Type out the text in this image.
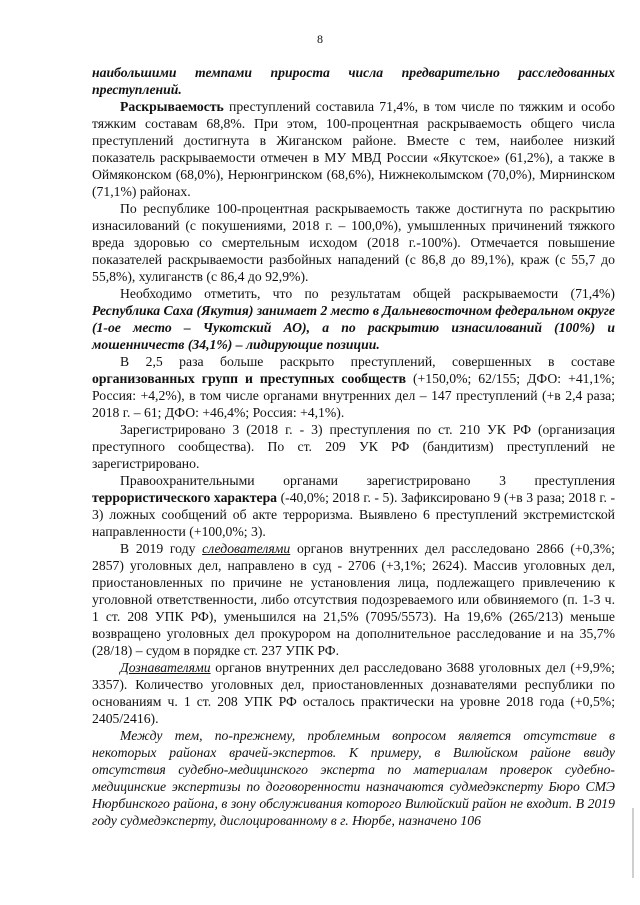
8

наибольшими темпами прироста числа предварительно расследованных преступлений.

Раскрываемость преступлений составила 71,4%, в том числе по тяжким и особо тяжким составам 68,8%. При этом, 100-процентная раскрываемость общего числа преступлений достигнута в Жиганском районе. Вместе с тем, наиболее низкий показатель раскрываемости отмечен в МУ МВД России «Якутское» (61,2%), а также в Оймяконском (68,0%), Нерюнгринском (68,6%), Нижнеколымском (70,0%), Мирнинском (71,1%) районах.

По республике 100-процентная раскрываемость также достигнута по раскрытию изнасилований (с покушениями, 2018 г. – 100,0%), умышленных причинений тяжкого вреда здоровью со смертельным исходом (2018 г.-100%). Отмечается повышение показателей раскрываемости разбойных нападений (с 86,8 до 89,1%), краж (с 55,7 до 55,8%), хулиганств (с 86,4 до 92,9%).

Необходимо отметить, что по результатам общей раскрываемости (71,4%) Республика Саха (Якутия) занимает 2 место в Дальневосточном федеральном округе (1-ое место – Чукотский АО), а по раскрытию изнасилований (100%) и мошенничеств (34,1%) – лидирующие позиции.

В 2,5 раза больше раскрыто преступлений, совершенных в составе организованных групп и преступных сообществ (+150,0%; 62/155; ДФО: +41,1%; Россия: +4,2%), в том числе органами внутренних дел – 147 преступлений (+в 2,4 раза; 2018 г. – 61; ДФО: +46,4%; Россия: +4,1%).

Зарегистрировано 3 (2018 г. - 3) преступления по ст. 210 УК РФ (организация преступного сообщества). По ст. 209 УК РФ (бандитизм) преступлений не зарегистрировано.

Правоохранительными органами зарегистрировано 3 преступления террористического характера (-40,0%; 2018 г. - 5). Зафиксировано 9 (+в 3 раза; 2018 г. - 3) ложных сообщений об акте терроризма. Выявлено 6 преступлений экстремистской направленности (+100,0%; 3).

В 2019 году следователями органов внутренних дел расследовано 2866 (+0,3%; 2857) уголовных дел, направлено в суд - 2706 (+3,1%; 2624). Массив уголовных дел, приостановленных по причине не установления лица, подлежащего привлечению к уголовной ответственности, либо отсутствия подозреваемого или обвиняемого (п. 1-3 ч. 1 ст. 208 УПК РФ), уменьшился на 21,5% (7095/5573). На 19,6% (265/213) меньше возвращено уголовных дел прокурором на дополнительное расследование и на 35,7% (28/18) – судом в порядке ст. 237 УПК РФ.

Дознавателями органов внутренних дел расследовано 3688 уголовных дел (+9,9%; 3357). Количество уголовных дел, приостановленных дознавателями республики по основаниям ч. 1 ст. 208 УПК РФ осталось практически на уровне 2018 года (+0,5%; 2405/2416).

Между тем, по-прежнему, проблемным вопросом является отсутствие в некоторых районах врачей-экспертов. К примеру, в Вилюйском районе ввиду отсутствия судебно-медицинского эксперта по материалам проверок судебно-медицинские экспертизы по договоренности назначаются судмедэксперту Бюро СМЭ Нюрбинского района, в зону обслуживания которого Вилюйский район не входит. В 2019 году судмедэксперту, дислоцированному в г. Нюрбе, назначено 106
